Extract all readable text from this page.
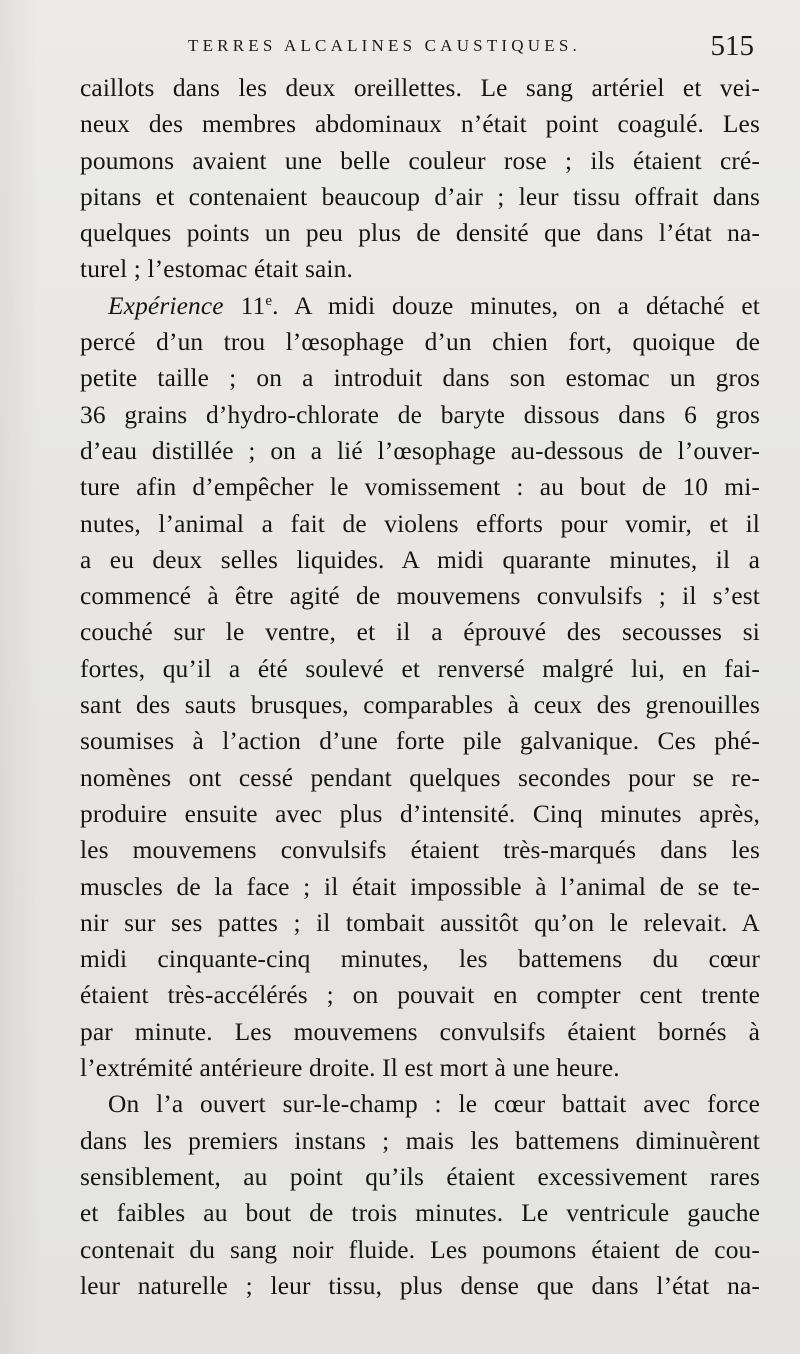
TERRES ALCALINES CAUSTIQUES.	515
caillots dans les deux oreillettes. Le sang artériel et vei-
neux des membres abdominaux n’était point coagulé. Les
poumons avaient une belle couleur rose ; ils étaient cré-
pitans et contenaient beaucoup d’air ; leur tissu offrait dans
quelques points un peu plus de densité que dans l’état na-
turel ; l’estomac était sain.
Expérience 11e. A midi douze minutes, on a détaché et
percé d’un trou l’œsophage d’un chien fort, quoique de
petite taille ; on a introduit dans son estomac un gros
36 grains d’hydro-chlorate de baryte dissous dans 6 gros
d’eau distillée ; on a lié l’œsophage au-dessous de l’ouver-
ture afin d’empêcher le vomissement : au bout de 10 mi-
nutes, l’animal a fait de violens efforts pour vomir, et il
a eu deux selles liquides. A midi quarante minutes, il a
commencé à être agité de mouvemens convulsifs ; il s’est
couché sur le ventre, et il a éprouvé des secousses si
fortes, qu’il a été soulevé et renversé malgré lui, en fai-
sant des sauts brusques, comparables à ceux des grenouilles
soumises à l’action d’une forte pile galvanique. Ces phé-
nomènes ont cessé pendant quelques secondes pour se re-
produire ensuite avec plus d’intensité. Cinq minutes après,
les mouvemens convulsifs étaient très-marqués dans les
muscles de la face ; il était impossible à l’animal de se te-
nir sur ses pattes ; il tombait aussitôt qu’on le relevait. A
midi cinquante-cinq minutes, les battemens du cœur
étaient très-accélérés ; on pouvait en compter cent trente
par minute. Les mouvemens convulsifs étaient bornés à
l’extrémité antérieure droite. Il est mort à une heure.
On l’a ouvert sur-le-champ : le cœur battait avec force
dans les premiers instans ; mais les battemens diminuèrent
sensiblement, au point qu’ils étaient excessivement rares
et faibles au bout de trois minutes. Le ventricule gauche
contenait du sang noir fluide. Les poumons étaient de cou-
leur naturelle ; leur tissu, plus dense que dans l’état na-
